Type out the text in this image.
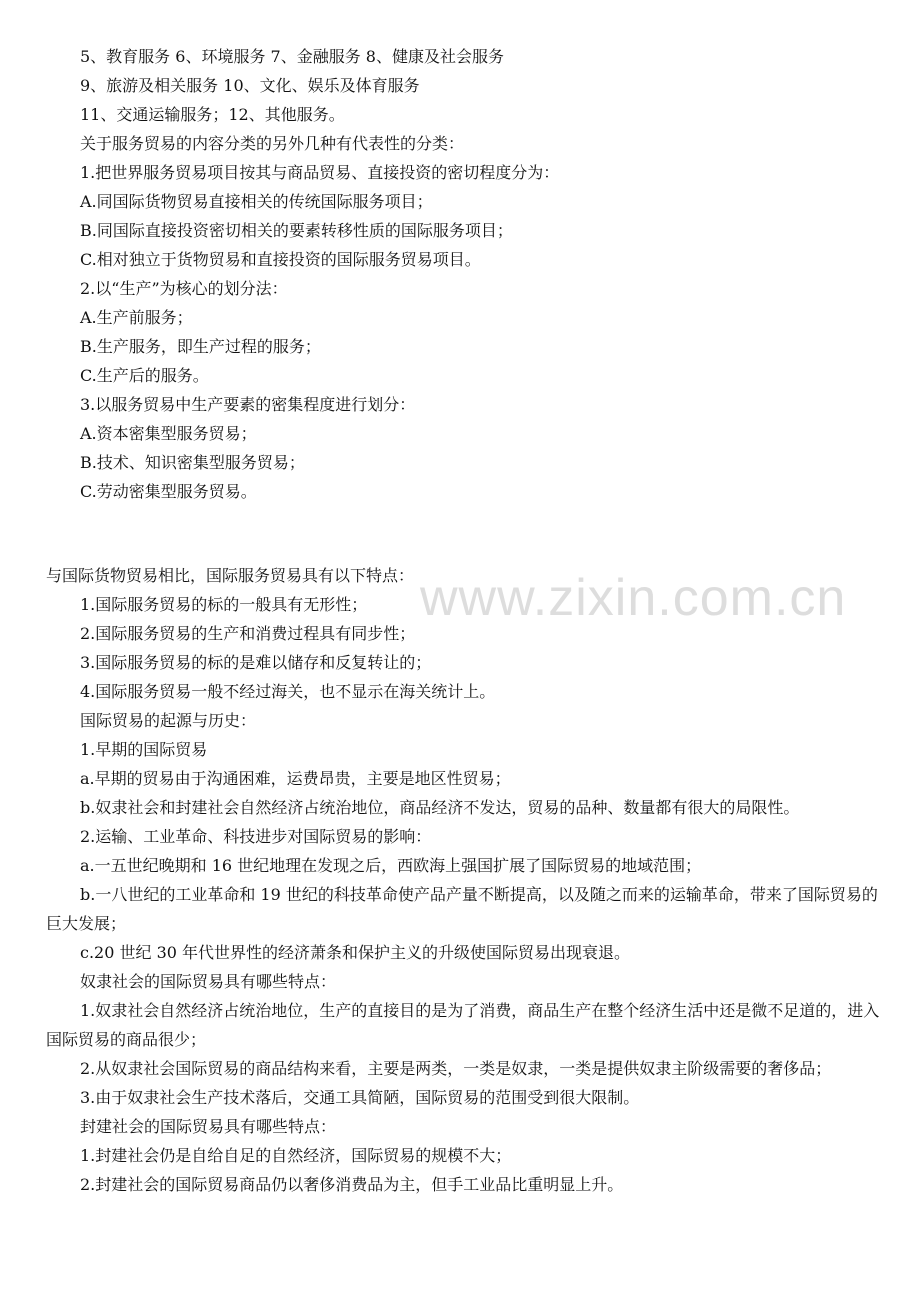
www.zixin.com.cn
5、教育服务 6、环境服务 7、金融服务 8、健康及社会服务
9、旅游及相关服务 10、文化、娱乐及体育服务
11、交通运输服务；12、其他服务。
关于服务贸易的内容分类的另外几种有代表性的分类：
1.把世界服务贸易项目按其与商品贸易、直接投资的密切程度分为：
A.同国际货物贸易直接相关的传统国际服务项目；
B.同国际直接投资密切相关的要素转移性质的国际服务项目；
C.相对独立于货物贸易和直接投资的国际服务贸易项目。
2.以“生产”为核心的划分法：
A.生产前服务；
B.生产服务，即生产过程的服务；
C.生产后的服务。
3.以服务贸易中生产要素的密集程度进行划分：
A.资本密集型服务贸易；
B.技术、知识密集型服务贸易；
C.劳动密集型服务贸易。
与国际货物贸易相比，国际服务贸易具有以下特点：
1.国际服务贸易的标的一般具有无形性；
2.国际服务贸易的生产和消费过程具有同步性；
3.国际服务贸易的标的是难以储存和反复转让的；
4.国际服务贸易一般不经过海关，也不显示在海关统计上。
国际贸易的起源与历史：
1.早期的国际贸易
a.早期的贸易由于沟通困难，运费昂贵，主要是地区性贸易；
b.奴隶社会和封建社会自然经济占统治地位，商品经济不发达，贸易的品种、数量都有很大的局限性。
2.运输、工业革命、科技进步对国际贸易的影响：
a.一五世纪晚期和 16 世纪地理在发现之后，西欧海上强国扩展了国际贸易的地域范围；
b.一八世纪的工业革命和 19 世纪的科技革命使产品产量不断提高，以及随之而来的运输革命，带来了国际贸易的巨大发展；
c.20 世纪 30 年代世界性的经济萧条和保护主义的升级使国际贸易出现衰退。
奴隶社会的国际贸易具有哪些特点：
1.奴隶社会自然经济占统治地位，生产的直接目的是为了消费，商品生产在整个经济生活中还是微不足道的，进入国际贸易的商品很少；
2.从奴隶社会国际贸易的商品结构来看，主要是两类，一类是奴隶，一类是提供奴隶主阶级需要的奢侈品；
3.由于奴隶社会生产技术落后，交通工具简陋，国际贸易的范围受到很大限制。
封建社会的国际贸易具有哪些特点：
1.封建社会仍是自给自足的自然经济，国际贸易的规模不大；
2.封建社会的国际贸易商品仍以奢侈消费品为主，但手工业品比重明显上升。
